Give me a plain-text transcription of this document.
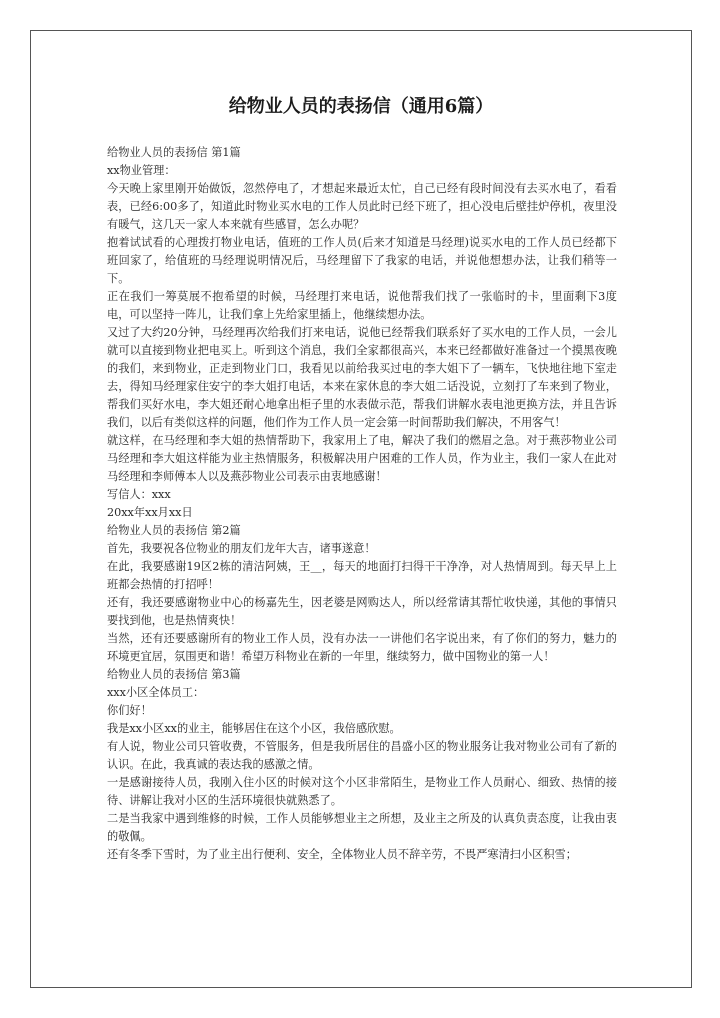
给物业人员的表扬信（通用6篇）

给物业人员的表扬信 第1篇

xx物业管理：

今天晚上家里刚开始做饭，忽然停电了，才想起来最近太忙，自己已经有段时间没有去买水电了，看看表，已经6:00多了，知道此时物业买水电的工作人员此时已经下班了，担心没电后壁挂炉停机，夜里没有暖气，这几天一家人本来就有些感冒，怎么办呢？

抱着试试看的心理拨打物业电话，值班的工作人员(后来才知道是马经理)说买水电的工作人员已经都下班回家了，给值班的马经理说明情况后，马经理留下了我家的电话，并说他想想办法，让我们稍等一下。

正在我们一筹莫展不抱希望的时候，马经理打来电话，说他帮我们找了一张临时的卡，里面剩下3度电，可以坚持一阵儿，让我们拿上先给家里插上，他继续想办法。

又过了大约20分钟，马经理再次给我们打来电话，说他已经帮我们联系好了买水电的工作人员，一会儿就可以直接到物业把电买上。听到这个消息，我们全家都很高兴，本来已经都做好准备过一个摸黑夜晚的我们，来到物业，正走到物业门口，我看见以前给我买过电的李大姐下了一辆车，飞快地往地下室走去，得知马经理家住安宁的李大姐打电话，本来在家休息的李大姐二话没说，立刻打了车来到了物业，帮我们买好水电，李大姐还耐心地拿出柜子里的水表做示范，帮我们讲解水表电池更换方法，并且告诉我们，以后有类似这样的问题，他们作为工作人员一定会第一时间帮助我们解决，不用客气！

就这样，在马经理和李大姐的热情帮助下，我家用上了电，解决了我们的燃眉之急。对于燕莎物业公司马经理和李大姐这样能为业主热情服务，积极解决用户困难的工作人员，作为业主，我们一家人在此对马经理和李师傅本人以及燕莎物业公司表示由衷地感谢！

写信人：xxx

20xx年xx月xx日

给物业人员的表扬信 第2篇

首先，我要祝各位物业的朋友们龙年大吉，诸事遂意！

在此，我要感谢19区2栋的清洁阿姨，王__，每天的地面打扫得干干净净，对人热情周到。每天早上上班都会热情的打招呼！

还有，我还要感谢物业中心的杨嘉先生，因老婆是网购达人，所以经常请其帮忙收快递，其他的事情只要找到他，也是热情爽快！

当然，还有还要感谢所有的物业工作人员，没有办法一一讲他们名字说出来，有了你们的努力，魅力的环境更宜居，氛围更和谐！希望万科物业在新的一年里，继续努力，做中国物业的第一人！

给物业人员的表扬信 第3篇

xxx小区全体员工：

你们好！

我是xx小区xx的业主，能够居住在这个小区，我倍感欣慰。

有人说，物业公司只管收费，不管服务，但是我所居住的昌盛小区的物业服务让我对物业公司有了新的认识。在此，我真诚的表达我的感激之情。

一是感谢接待人员，我刚入住小区的时候对这个小区非常陌生，是物业工作人员耐心、细致、热情的接待、讲解让我对小区的生活环境很快就熟悉了。

二是当我家中遇到维修的时候，工作人员能够想业主之所想，及业主之所及的认真负责态度，让我由衷的敬佩。

还有冬季下雪时，为了业主出行便利、安全，全体物业人员不辞辛劳，不畏严寒清扫小区积雪；
